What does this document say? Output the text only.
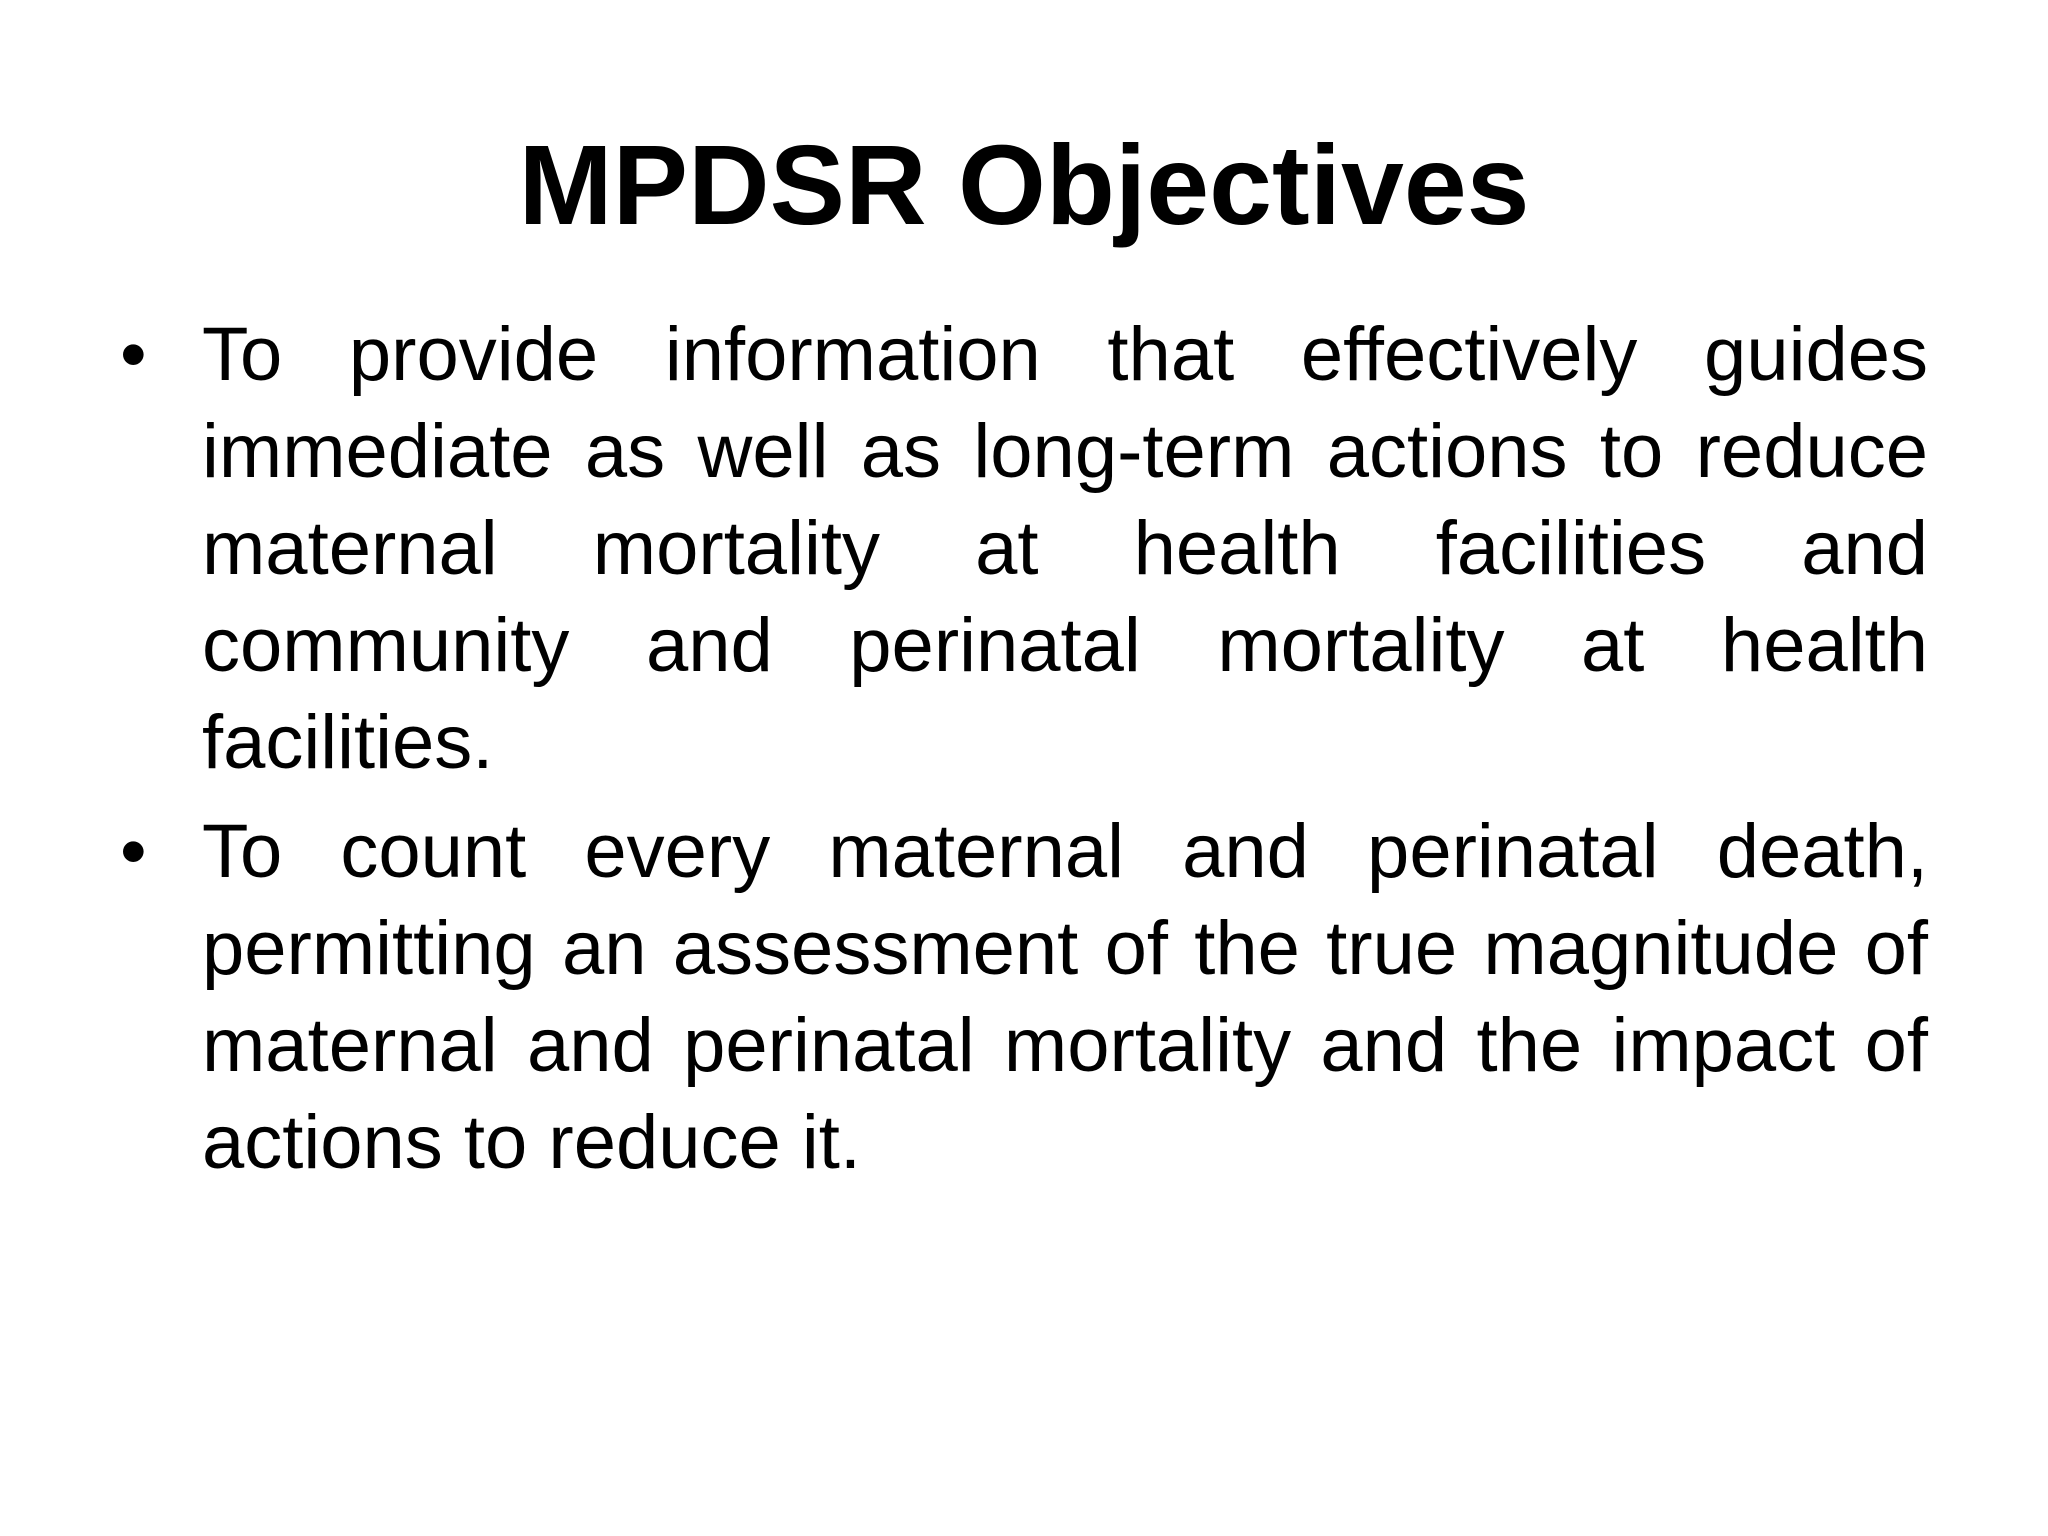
MPDSR Objectives
• To provide information that effectively guides immediate as well as long-term actions to reduce maternal mortality at health facilities and community and perinatal mortality at health facilities.
• To count every maternal and perinatal death, permitting an assessment of the true magnitude of maternal and perinatal mortality and the impact of actions to reduce it.
